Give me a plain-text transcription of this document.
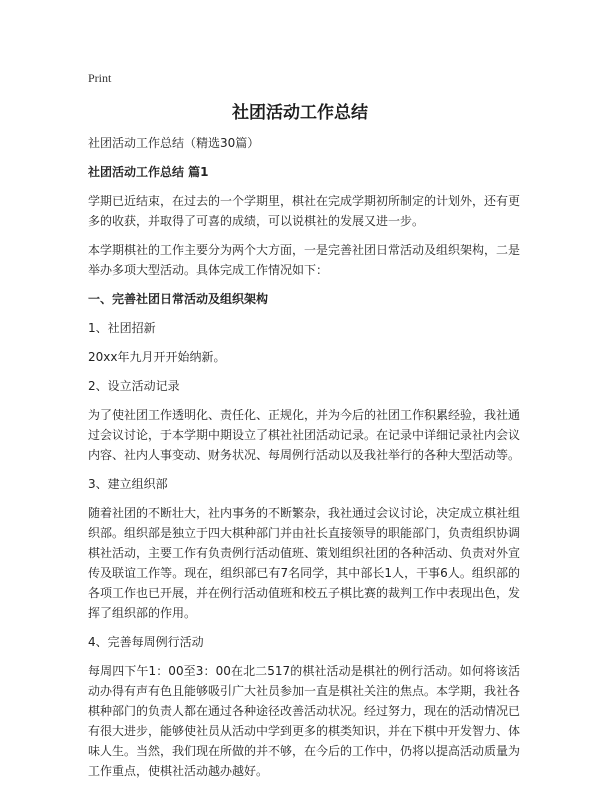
Print
社团活动工作总结

社团活动工作总结（精选30篇）

社团活动工作总结 篇1

学期已近结束，在过去的一个学期里，棋社在完成学期初所制定的计划外，还有更多的收获，并取得了可喜的成绩，可以说棋社的发展又进一步。

本学期棋社的工作主要分为两个大方面，一是完善社团日常活动及组织架构，二是举办多项大型活动。具体完成工作情况如下：

一、完善社团日常活动及组织架构

1、社团招新

20xx年九月开开始纳新。

2、设立活动记录

为了使社团工作透明化、责任化、正规化，并为今后的社团工作积累经验，我社通过会议讨论，于本学期中期设立了棋社社团活动记录。在记录中详细记录社内会议内容、社内人事变动、财务状况、每周例行活动以及我社举行的各种大型活动等。

3、建立组织部

随着社团的不断壮大，社内事务的不断繁杂，我社通过会议讨论，决定成立棋社组织部。组织部是独立于四大棋种部门并由社长直接领导的职能部门，负责组织协调棋社活动，主要工作有负责例行活动值班、策划组织社团的各种活动、负责对外宣传及联谊工作等。现在，组织部已有7名同学，其中部长1人，干事6人。组织部的各项工作也已开展，并在例行活动值班和校五子棋比赛的裁判工作中表现出色，发挥了组织部的作用。

4、完善每周例行活动

每周四下午1：00至3：00在北二517的棋社活动是棋社的例行活动。如何将该活动办得有声有色且能够吸引广大社员参加一直是棋社关注的焦点。本学期，我社各棋种部门的负责人都在通过各种途径改善活动状况。经过努力，现在的活动情况已有很大进步，能够使社员从活动中学到更多的棋类知识，并在下棋中开发智力、体味人生。当然，我们现在所做的并不够，在今后的工作中，仍将以提高活动质量为工作重点，使棋社活动越办越好。
